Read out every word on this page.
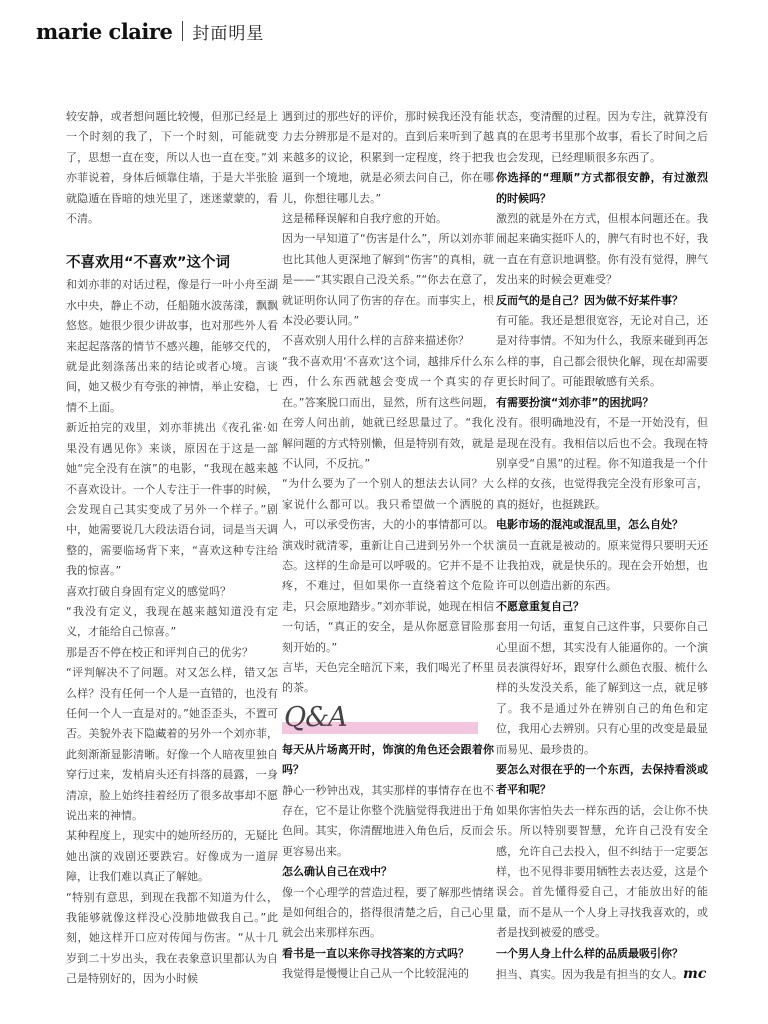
marie claire 封面明星

较安静，或者想问题比较慢，但那已经是上一个时刻的我了，下一个时刻，可能就变了，思想一直在变，所以人也一直在变。”刘亦菲说着，身体后倾靠住墙，于是大半张脸就隐遁在昏暗的烛光里了，迷迷蒙蒙的，看不清。

不喜欢用“不喜欢”这个词

和刘亦菲的对话过程，像是行一叶小舟至湖水中央，静止不动，任船随水波荡漾，飘飘悠悠。她很少很少讲故事，也对那些外人看来起起落落的情节不感兴趣，能够交代的，就是此刻涤荡出来的结论或者心境。言谈间，她又极少有夸张的神情，举止安稳，七情不上面。

新近拍完的戏里，刘亦菲挑出《夜孔雀·如果没有遇见你》来谈，原因在于这是一部她“完全没有在演”的电影，“我现在越来越不喜欢设计。一个人专注于一件事的时候，会发现自己其实变成了另外一个样子。”剧中，她需要说几大段法语台词，词是当天调整的，需要临场背下来，“喜欢这种专注给我的惊喜。”

喜欢打破自身固有定义的感觉吗？

“我没有定义，我现在越来越知道没有定义，才能给自己惊喜。”

那是否不停在校正和评判自己的优劣？

“评判解决不了问题。对又怎么样，错又怎么样？没有任何一个人是一直错的，也没有任何一个人一直是对的。”她歪歪头，不置可否。美貌外表下隐藏着的另外一个刘亦菲，此刻渐渐显影清晰。好像一个人暗夜里独自穿行过来，发梢肩头还有抖落的晨露，一身清凉，脸上始终挂着经历了很多故事却不愿说出来的神情。

某种程度上，现实中的她所经历的，无疑比她出演的戏剧还要跌宕。好像成为一道屏障，让我们难以真正了解她。

“特别有意思，到现在我都不知道为什么，我能够就像这样没心没肺地做我自己。”此刻，她这样开口应对传闻与伤害。“从十几岁到二十岁出头，我在表象意识里都认为自己是特别好的，因为小时候

遇到过的那些好的评价，那时候我还没有能力去分辨那是不是对的。直到后来听到了越来越多的议论，积累到一定程度，终于把我逼到一个境地，就是必须去问自己，你在哪儿，你想往哪儿去。”

这是稀释误解和自我疗愈的开始。

因为一早知道了“伤害是什么”，所以刘亦菲也比其他人更深地了解到“伤害”的真相，就是——“其实跟自己没关系。”“你去在意了，就证明你认同了伤害的存在。而事实上，根本没必要认同。”

不喜欢别人用什么样的言辞来描述你？

“我不喜欢用‘不喜欢’这个词，越排斥什么东西，什么东西就越会变成一个真实的存在。”答案脱口而出，显然，所有这些问题，在旁人问出前，她就已经思量过了。“我化解问题的方式特别懒，但是特别有效，就是不认同，不反抗。”

“为什么要为了一个别人的想法去认同？大家说什么都可以。我只希望做一个洒脱的人，可以承受伤害，大的小的事情都可以。演戏时就清零，重新让自己进到另外一个状态。这样的生命是可以呼吸的。它并不是不疼，不难过，但如果你一直绕着这个危险走，只会原地踏步。”刘亦菲说，她现在相信一句话，“真正的安全，是从你愿意冒险那刻开始的。”

言毕，天色完全暗沉下来，我们喝光了杯里的茶。

Q&A

每天从片场离开时，饰演的角色还会跟着你吗？

静心一秒钟出戏，其实那样的事情存在也不存在，它不是让你整个洗脑觉得我进出于角色间。其实，你清醒地进入角色后，反而会更容易出来。

怎么确认自己在戏中？

像一个心理学的营造过程，要了解那些情绪是如何组合的，搭得很清楚之后，自己心里就会出来那样东西。

看书是一直以来你寻找答案的方式吗？

我觉得是慢慢让自己从一个比较混沌的

状态，变清醒的过程。因为专注，就算没有真的在思考书里那个故事，看长了时间之后也会发现，已经理顺很多东西了。

你选择的“理顺”方式都很安静，有过激烈的时候吗？

激烈的就是外在方式，但根本问题还在。我闹起来确实挺吓人的，脾气有时也不好，我一直在有意识地调整。你有没有觉得，脾气发出来的时候会更难受？

反而气的是自己？因为做不好某件事？

有可能。我还是想很宽容，无论对自己，还是对待事情。不知为什么，我原来碰到再怎么样的事，自己都会很快化解，现在却需要更长时间了。可能跟敏感有关系。

有需要扮演“刘亦菲”的困扰吗？

没有。很明确地没有，不是一开始没有，但是现在没有。我相信以后也不会。我现在特别享受“自黑”的过程。你不知道我是一个什么样的女孩，也觉得我完全没有形象可言，真的挺好，也挺跳跃。

电影市场的混沌或混乱里，怎么自处？

演员一直就是被动的。原来觉得只要明天还让我拍戏，就是快乐的。现在会开始想，也许可以创造出新的东西。

不愿意重复自己？

套用一句话，重复自己这件事，只要你自己心里面不想，其实没有人能逼你的。一个演员表演得好坏，跟穿什么颜色衣服、梳什么样的头发没关系，能了解到这一点，就足够了。我不是通过外在辨别自己的角色和定位，我用心去辨别。只有心里的改变是最显而易见、最珍贵的。

要怎么对很在乎的一个东西，去保持看淡或者平和呢？

如果你害怕失去一样东西的话，会让你不快乐。所以特别要智慧，允许自己没有安全感，允许自己去投入，但不纠结于一定要怎样，也不见得非要用牺牲去表达爱，这是个误会。首先懂得爱自己，才能放出好的能量，而不是从一个人身上寻找我喜欢的，或者是找到被爱的感受。

一个男人身上什么样的品质最吸引你？

担当、真实。因为我是有担当的女人。mc
